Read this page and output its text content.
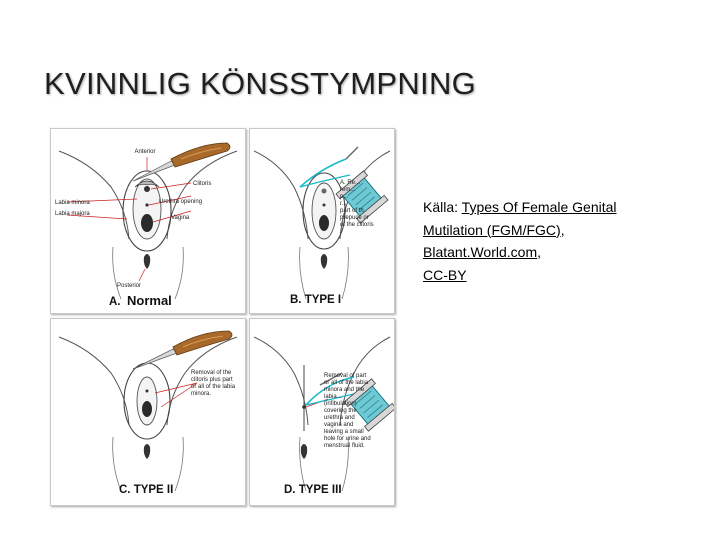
KVINNLIG KÖNSSTYMPNING
Anterior
Clitoris
Labia minora	Urethra opening
Labia majora
Vagina
Posterior
A. Normal
A. Re...
rem...
p...
r...
part of th
prepuce or
of the clitoris
B. TYPE I
Removal of the
clitoris plus part
or all of the labia
minora.
C. TYPE II
Removal of part
or all of the labia
minora and the
labia...
(infibulation)
covering the
urethra and
vagina and
leaving a small
hole for urine and
menstrual fluid.
D. TYPE III
Källa: Types Of Female Genital Mutilation (FGM/FGC), Blatant.World.com,
CC-BY
